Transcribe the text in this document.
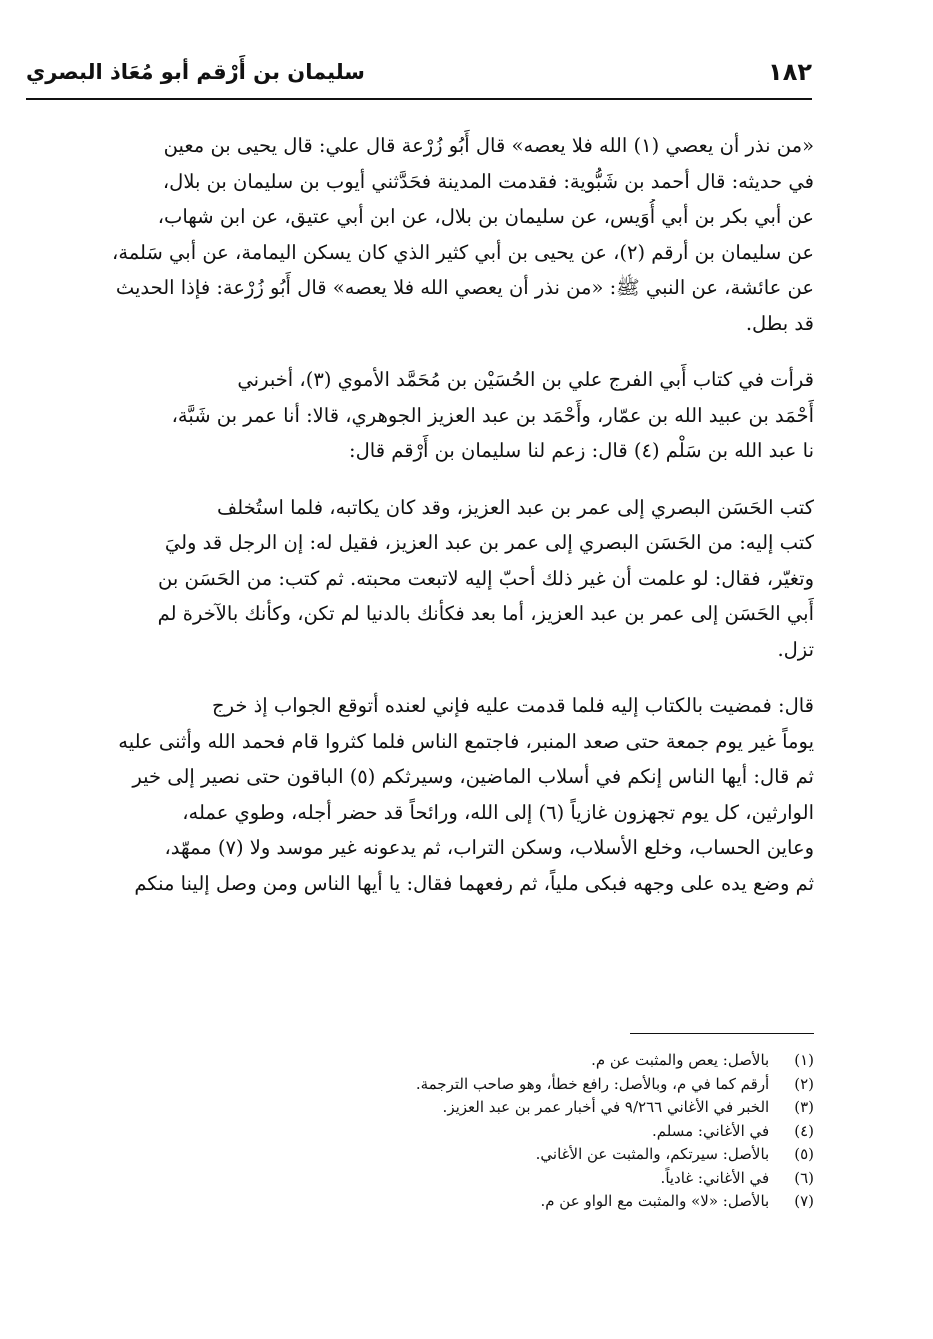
سليمان بن أَرْقم أبو مُعَاذ البصري	١٨٢
«من نذر أن يعصي (١) الله فلا يعصه» قال أَبُو زُرْعة قال علي: قال يحيى بن معين
في حديثه: قال أحمد بن شَبُّوية: فقدمت المدينة فحَدَّثني أيوب بن سليمان بن بلال،
عن أبي بكر بن أبي أُوَيس، عن سليمان بن بلال، عن ابن أبي عتيق، عن ابن شهاب،
عن سليمان بن أرقم (٢)، عن يحيى بن أبي كثير الذي كان يسكن اليمامة، عن أبي سَلمة،
عن عائشة، عن النبي ﷺ: «من نذر أن يعصي الله فلا يعصه» قال أَبُو زُرْعة: فإذا الحديث
قد بطل.
قرأت في كتاب أَبي الفرج علي بن الحُسَيْن بن مُحَمَّد الأموي (٣)، أخبرني
أَحْمَد بن عبيد الله بن عمّار، وأَحْمَد بن عبد العزيز الجوهري، قالا: أنا عمر بن شَبَّة،
نا عبد الله بن سَلْم (٤) قال: زعم لنا سليمان بن أَرْقم قال:
كتب الحَسَن البصري إلى عمر بن عبد العزيز، وقد كان يكاتبه، فلما استُخلف
كتب إليه: من الحَسَن البصري إلى عمر بن عبد العزيز، فقيل له: إن الرجل قد وليَ
وتغيّر، فقال: لو علمت أن غير ذلك أحبّ إليه لاتبعت محبته. ثم كتب: من الحَسَن بن
أَبي الحَسَن إلى عمر بن عبد العزيز، أما بعد فكأنك بالدنيا لم تكن، وكأنك بالآخرة لم
تزل.
قال: فمضيت بالكتاب إليه فلما قدمت عليه فإني لعنده أتوقع الجواب إذ خرج
يوماً غير يوم جمعة حتى صعد المنبر، فاجتمع الناس فلما كثروا قام فحمد الله وأثنى عليه
ثم قال: أيها الناس إنكم في أسلاب الماضين، وسيرثكم (٥) الباقون حتى نصير إلى خير
الوارثين، كل يوم تجهزون غازياً (٦) إلى الله، ورائحاً قد حضر أجله، وطوي عمله،
وعاين الحساب، وخلع الأسلاب، وسكن التراب، ثم يدعونه غير موسد ولا (٧) ممهّد،
ثم وضع يده على وجهه فبكى ملياً، ثم رفعهما فقال: يا أيها الناس ومن وصل إلينا منكم
(١) بالأصل: يعص والمثبت عن م.
(٢) أرقم كما في م، وبالأصل: رافع خطأ، وهو صاحب الترجمة.
(٣) الخبر في الأغاني ٩/٢٦٦ في أخبار عمر بن عبد العزيز.
(٤) في الأغاني: مسلم.
(٥) بالأصل: سيرتكم، والمثبت عن الأغاني.
(٦) في الأغاني: غادياً.
(٧) بالأصل: «لا» والمثبت مع الواو عن م.
